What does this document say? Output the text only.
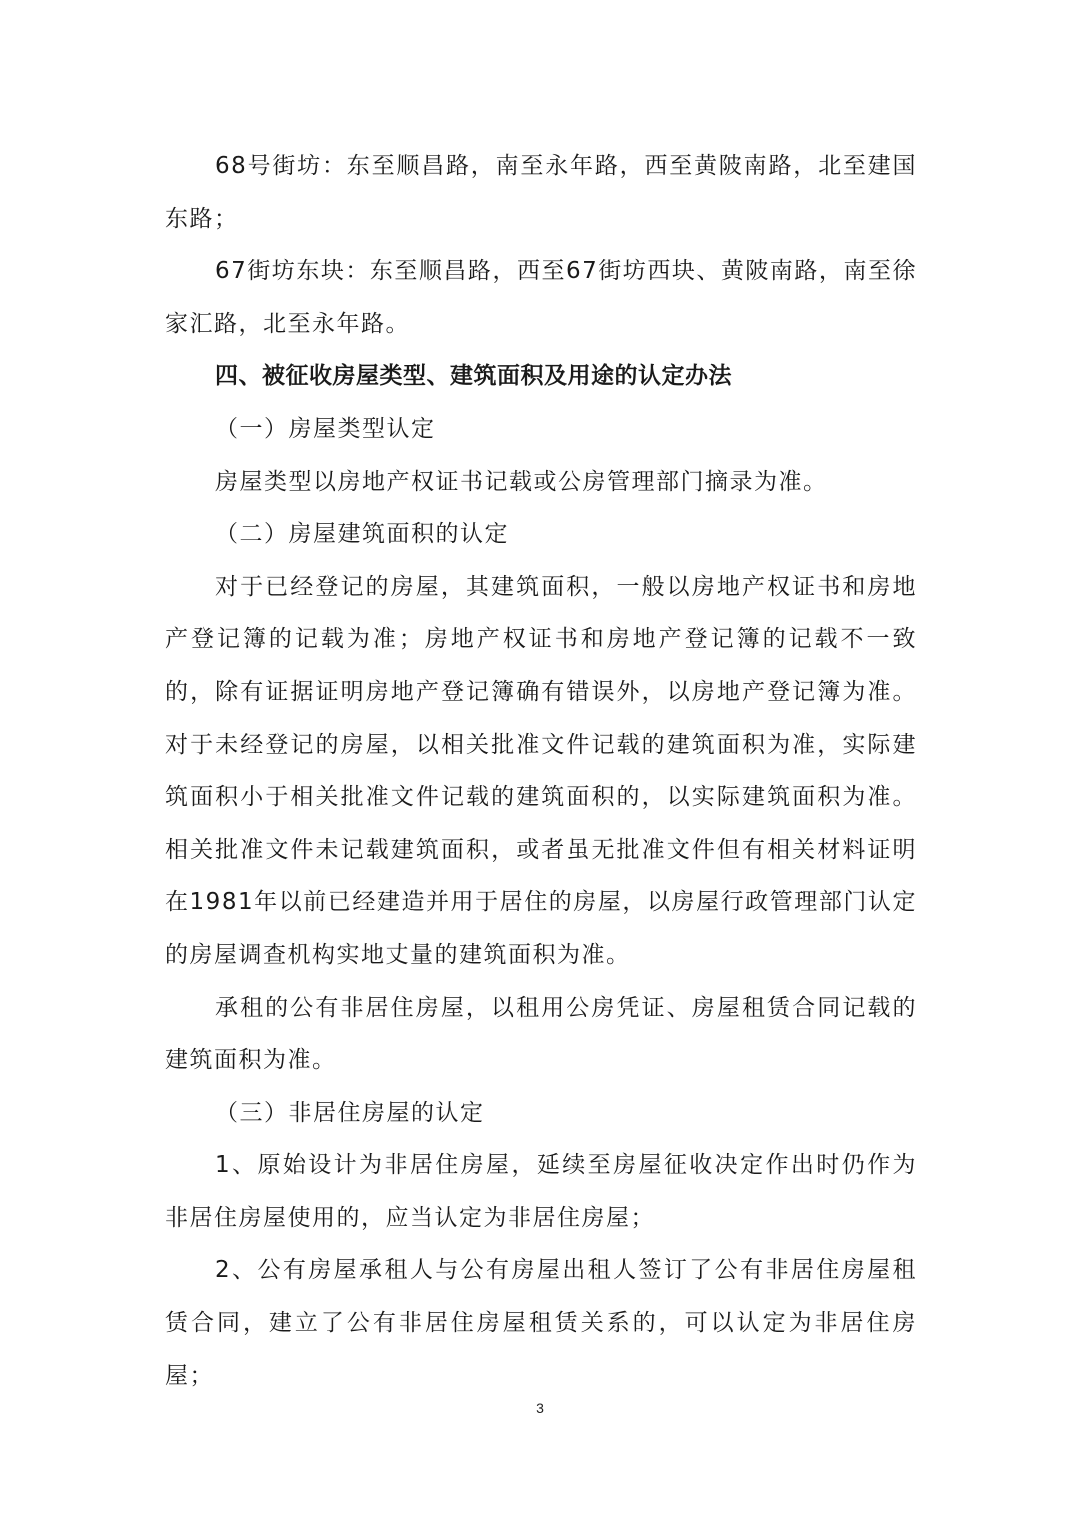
68号街坊：东至顺昌路，南至永年路，西至黄陂南路，北至建国东路；

67街坊东块：东至顺昌路，西至67街坊西块、黄陂南路，南至徐家汇路，北至永年路。

四、被征收房屋类型、建筑面积及用途的认定办法

（一）房屋类型认定

房屋类型以房地产权证书记载或公房管理部门摘录为准。

（二）房屋建筑面积的认定

对于已经登记的房屋，其建筑面积，一般以房地产权证书和房地产登记簿的记载为准；房地产权证书和房地产登记簿的记载不一致的，除有证据证明房地产登记簿确有错误外，以房地产登记簿为准。对于未经登记的房屋，以相关批准文件记载的建筑面积为准，实际建筑面积小于相关批准文件记载的建筑面积的，以实际建筑面积为准。相关批准文件未记载建筑面积，或者虽无批准文件但有相关材料证明在1981年以前已经建造并用于居住的房屋，以房屋行政管理部门认定的房屋调查机构实地丈量的建筑面积为准。

承租的公有非居住房屋，以租用公房凭证、房屋租赁合同记载的建筑面积为准。

（三）非居住房屋的认定

1、原始设计为非居住房屋，延续至房屋征收决定作出时仍作为非居住房屋使用的，应当认定为非居住房屋；

2、公有房屋承租人与公有房屋出租人签订了公有非居住房屋租赁合同，建立了公有非居住房屋租赁关系的，可以认定为非居住房屋；

3
